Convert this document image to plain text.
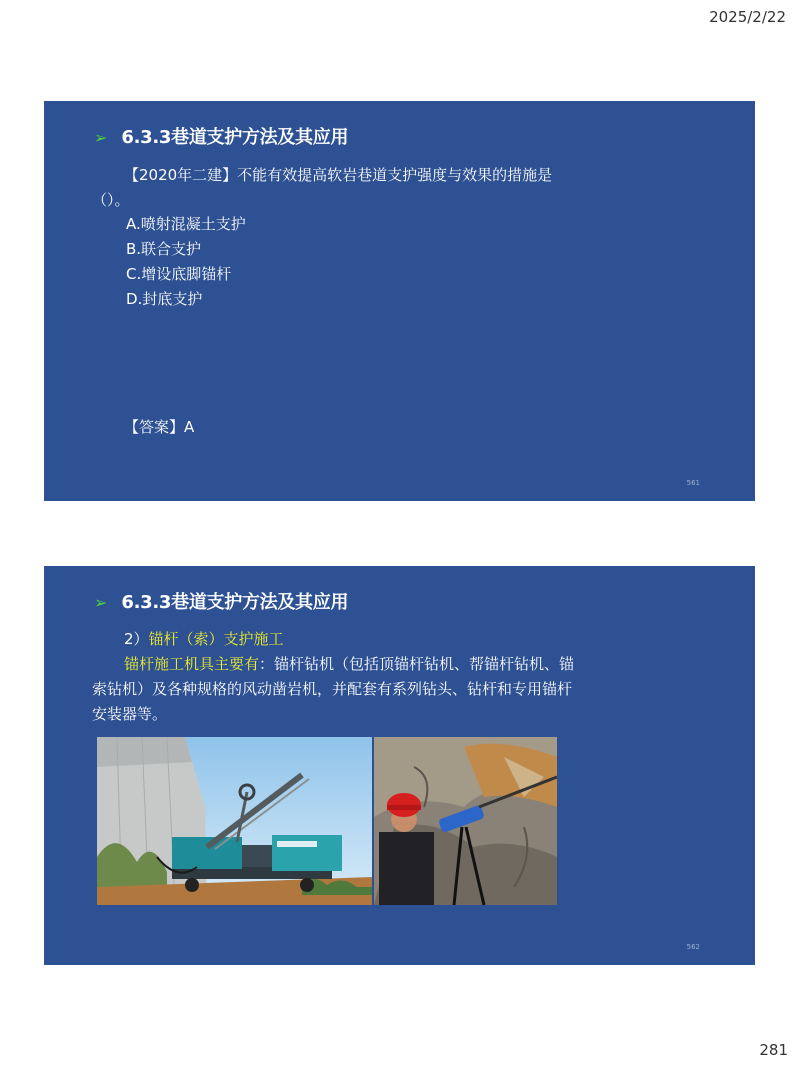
2025/2/22
➢ 6.3.3巷道支护方法及其应用
【2020年二建】不能有效提高软岩巷道支护强度与效果的措施是（）。
A.喷射混凝土支护
B.联合支护
C.增设底脚锚杆
D.封底支护
【答案】A
561
➢ 6.3.3巷道支护方法及其应用
2）锚杆（索）支护施工
锚杆施工机具主要有：锚杆钻机（包括顶锚杆钻机、帮锚杆钻机、锚索钻机）及各种规格的风动凿岩机，并配套有系列钻头、钻杆和专用锚杆安装器等。
562
281
